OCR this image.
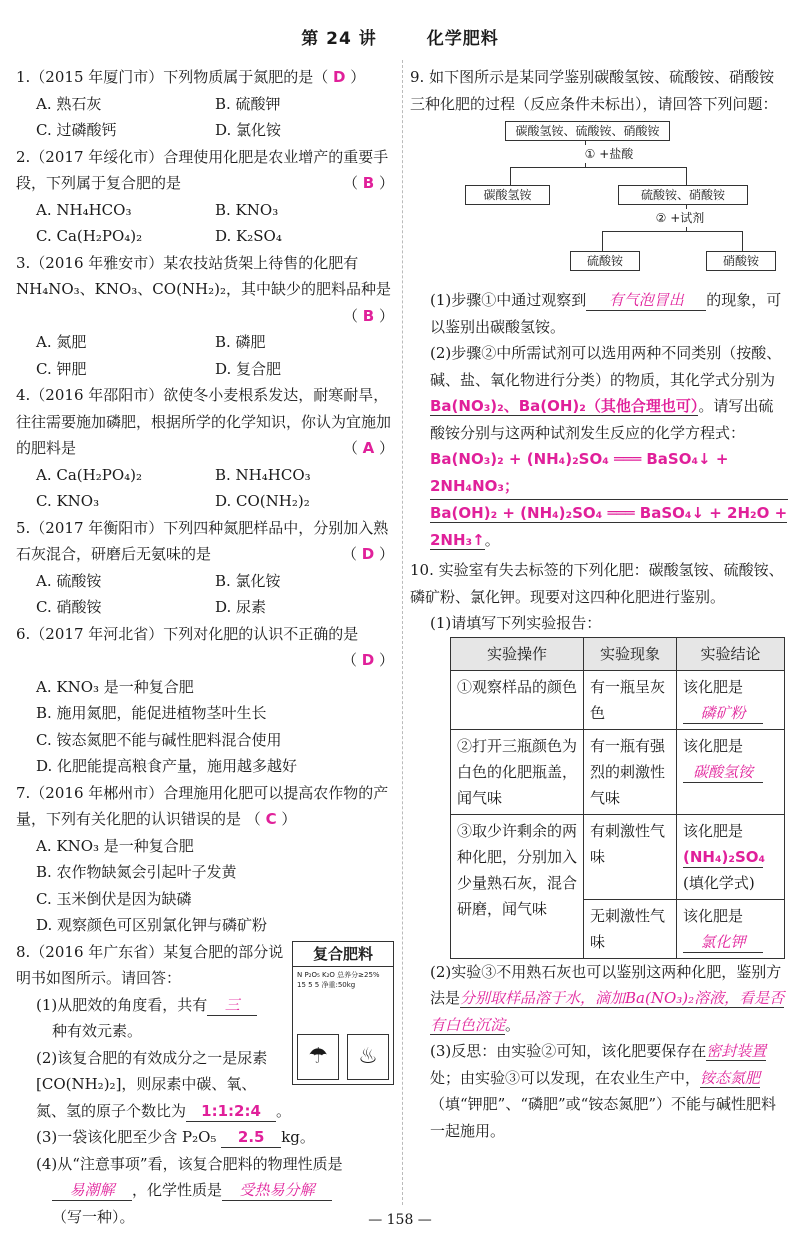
第 24 讲	化学肥料
1.（2015 年厦门市）下列物质属于氮肥的是（ D ）
A. 熟石灰	B. 硫酸钾
C. 过磷酸钙	D. 氯化铵
2.（2017 年绥化市）合理使用化肥是农业增产的重要手段，下列属于复合肥的是	（ B ）
A. NH₄HCO₃	B. KNO₃
C. Ca(H₂PO₄)₂	D. K₂SO₄
3.（2016 年雅安市）某农技站货架上待售的化肥有 NH₄NO₃、KNO₃、CO(NH₂)₂，其中缺少的肥料品种是
（ B ）
A. 氮肥	B. 磷肥
C. 钾肥	D. 复合肥
4.（2016 年邵阳市）欲使冬小麦根系发达，耐寒耐旱，往往需要施加磷肥，根据所学的化学知识，你认为宜施加的肥料是	（ A ）
A. Ca(H₂PO₄)₂	B. NH₄HCO₃
C. KNO₃	D. CO(NH₂)₂
5.（2017 年衡阳市）下列四种氮肥样品中，分别加入熟石灰混合，研磨后无氨味的是	（ D ）
A. 硫酸铵	B. 氯化铵
C. 硝酸铵	D. 尿素
6.（2017 年河北省）下列对化肥的认识不正确的是
（ D ）
A. KNO₃ 是一种复合肥
B. 施用氮肥，能促进植物茎叶生长
C. 铵态氮肥不能与碱性肥料混合使用
D. 化肥能提高粮食产量，施用越多越好
7.（2016 年郴州市）合理施用化肥可以提高农作物的产量，下列有关化肥的认识错误的是 （ C ）
A. KNO₃ 是一种复合肥
B. 农作物缺氮会引起叶子发黄
C. 玉米倒伏是因为缺磷
D. 观察颜色可区别氯化钾与磷矿粉
复合肥料
N P₂O₅ K₂O 总养分≥25% 15 5 5 净重:50kg
☂	♨
8.（2016 年广东省）某复合肥的部分说明书如图所示。请回答：
(1)从肥效的角度看，共有 三
种有效元素。
(2)该复合肥的有效成分之一是尿素[CO(NH₂)₂]，则尿素中碳、氧、氮、氢的原子个数比为 1:1:2:4 。
(3)一袋该化肥至少含 P₂O₅ 2.5 kg。
(4)从“注意事项”看，该复合肥料的物理性质是
易潮解 ，化学性质是 受热易分解
（写一种）。
9. 如下图所示是某同学鉴别碳酸氢铵、硫酸铵、硝酸铵三种化肥的过程（反应条件未标出），请回答下列问题：
碳酸氢铵、硫酸铵、硝酸铵
① +盐酸
碳酸氢铵	硫酸铵、硝酸铵
② +试剂
硫酸铵	硝酸铵
(1)步骤①中通过观察到 有气泡冒出 的现象，可以鉴别出碳酸氢铵。
(2)步骤②中所需试剂可以选用两种不同类别（按酸、碱、盐、氧化物进行分类）的物质，其化学式分别为Ba(NO₃)₂、Ba(OH)₂（其他合理也可）。请写出硫酸铵分别与这两种试剂发生反应的化学方程式：
Ba(NO₃)₂ + (NH₄)₂SO₄ ═══ BaSO₄↓ + 2NH₄NO₃；
Ba(OH)₂ + (NH₄)₂SO₄ ═══ BaSO₄↓ + 2H₂O + 2NH₃↑。
10. 实验室有失去标签的下列化肥：碳酸氢铵、硫酸铵、磷矿粉、氯化钾。现要对这四种化肥进行鉴别。
(1)请填写下列实验报告：
实验操作	实验现象	实验结论
①观察样品的颜色	有一瓶呈灰色	该化肥是
磷矿粉
②打开三瓶颜色为白色的化肥瓶盖，闻气味	有一瓶有强烈的刺激性气味	该化肥是
碳酸氢铵
③取少许剩余的两种化肥，分别加入少量熟石灰，混合研磨，闻气味	有刺激性气味	该化肥是
(NH₄)₂SO₄
(填化学式)
	无刺激性气味	该化肥是
氯化钾
(2)实验③不用熟石灰也可以鉴别这两种化肥，鉴别方法是分别取样品溶于水，滴加Ba(NO₃)₂溶液，看是否有白色沉淀。
(3)反思：由实验②可知，该化肥要保存在密封装置处；由实验③可以发现，在农业生产中，铵态氮肥（填“钾肥”、“磷肥”或“铵态氮肥”）不能与碱性肥料一起施用。
— 158 —
